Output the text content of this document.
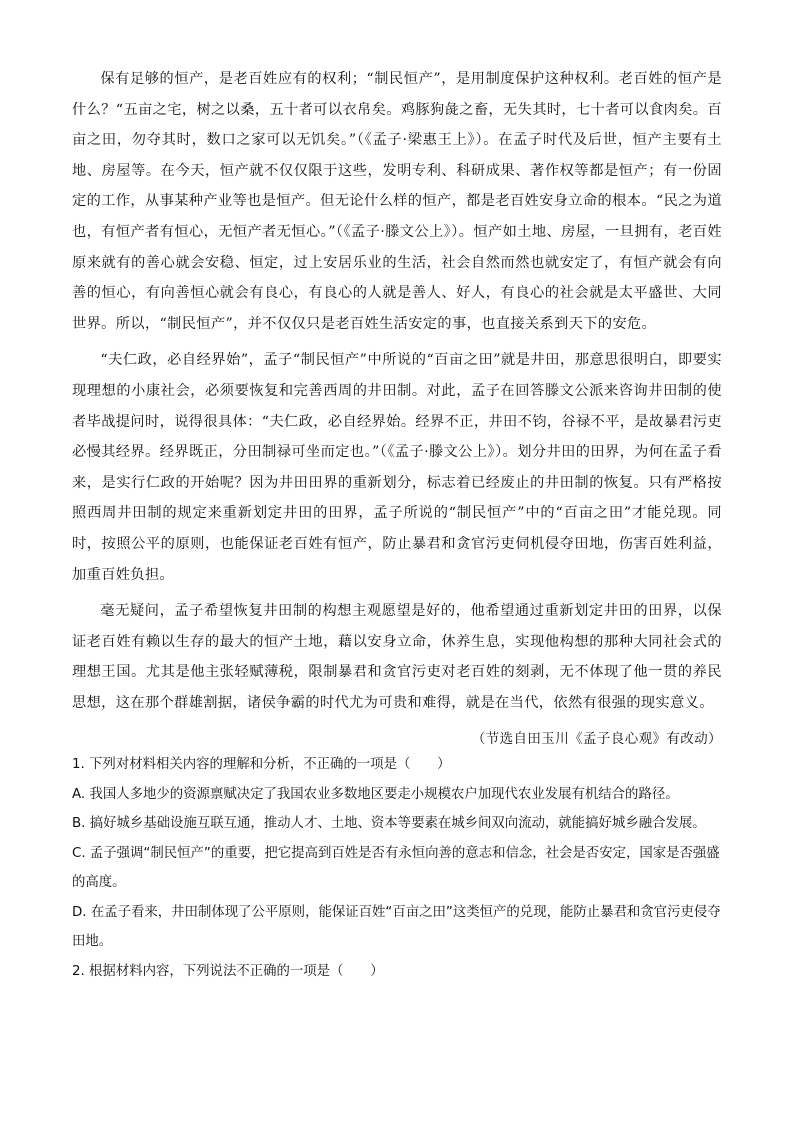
保有足够的恒产，是老百姓应有的权利；“制民恒产”，是用制度保护这种权利。老百姓的恒产是什么？“五亩之宅，树之以桑，五十者可以衣帛矣。鸡豚狗彘之畜，无失其时，七十者可以食肉矣。百亩之田，勿夺其时，数口之家可以无饥矣。”（《孟子·梁惠王上》）。在孟子时代及后世，恒产主要有土地、房屋等。在今天，恒产就不仅仅限于这些，发明专利、科研成果、著作权等都是恒产；有一份固定的工作，从事某种产业等也是恒产。但无论什么样的恒产，都是老百姓安身立命的根本。“民之为道也，有恒产者有恒心，无恒产者无恒心。”（《孟子·滕文公上》）。恒产如土地、房屋，一旦拥有，老百姓原来就有的善心就会安稳、恒定，过上安居乐业的生活，社会自然而然也就安定了，有恒产就会有向善的恒心，有向善恒心就会有良心，有良心的人就是善人、好人，有良心的社会就是太平盛世、大同世界。所以，“制民恒产”，并不仅仅只是老百姓生活安定的事，也直接关系到天下的安危。

“夫仁政，必自经界始”，孟子“制民恒产”中所说的“百亩之田”就是井田，那意思很明白，即要实现理想的小康社会，必须要恢复和完善西周的井田制。对此，孟子在回答滕文公派来咨询井田制的使者毕战提问时，说得很具体：“夫仁政，必自经界始。经界不正，井田不钧，谷禄不平，是故暴君污吏必慢其经界。经界既正，分田制禄可坐而定也。”（《孟子·滕文公上》）。划分井田的田界，为何在孟子看来，是实行仁政的开始呢？因为井田田界的重新划分，标志着已经废止的井田制的恢复。只有严格按照西周井田制的规定来重新划定井田的田界，孟子所说的“制民恒产”中的“百亩之田”才能兑现。同时，按照公平的原则，也能保证老百姓有恒产，防止暴君和贪官污吏伺机侵夺田地，伤害百姓利益，加重百姓负担。

毫无疑问，孟子希望恢复井田制的构想主观愿望是好的，他希望通过重新划定井田的田界，以保证老百姓有赖以生存的最大的恒产土地，藉以安身立命，休养生息，实现他构想的那种大同社会式的理想王国。尤其是他主张轻赋薄税，限制暴君和贪官污吏对老百姓的刻剥，无不体现了他一贯的养民思想，这在那个群雄割据，诸侯争霸的时代尤为可贵和难得，就是在当代，依然有很强的现实意义。

（节选自田玉川《孟子良心观》有改动）

1. 下列对材料相关内容的理解和分析，不正确的一项是（　　）

A. 我国人多地少的资源禀赋决定了我国农业多数地区要走小规模农户加现代农业发展有机结合的路径。

B. 搞好城乡基础设施互联互通，推动人才、土地、资本等要素在城乡间双向流动，就能搞好城乡融合发展。

C. 孟子强调“制民恒产”的重要，把它提高到百姓是否有永恒向善的意志和信念，社会是否安定，国家是否强盛的高度。

D. 在孟子看来，井田制体现了公平原则，能保证百姓“百亩之田”这类恒产的兑现，能防止暴君和贪官污吏侵夺田地。

2. 根据材料内容，下列说法不正确的一项是（　　）
